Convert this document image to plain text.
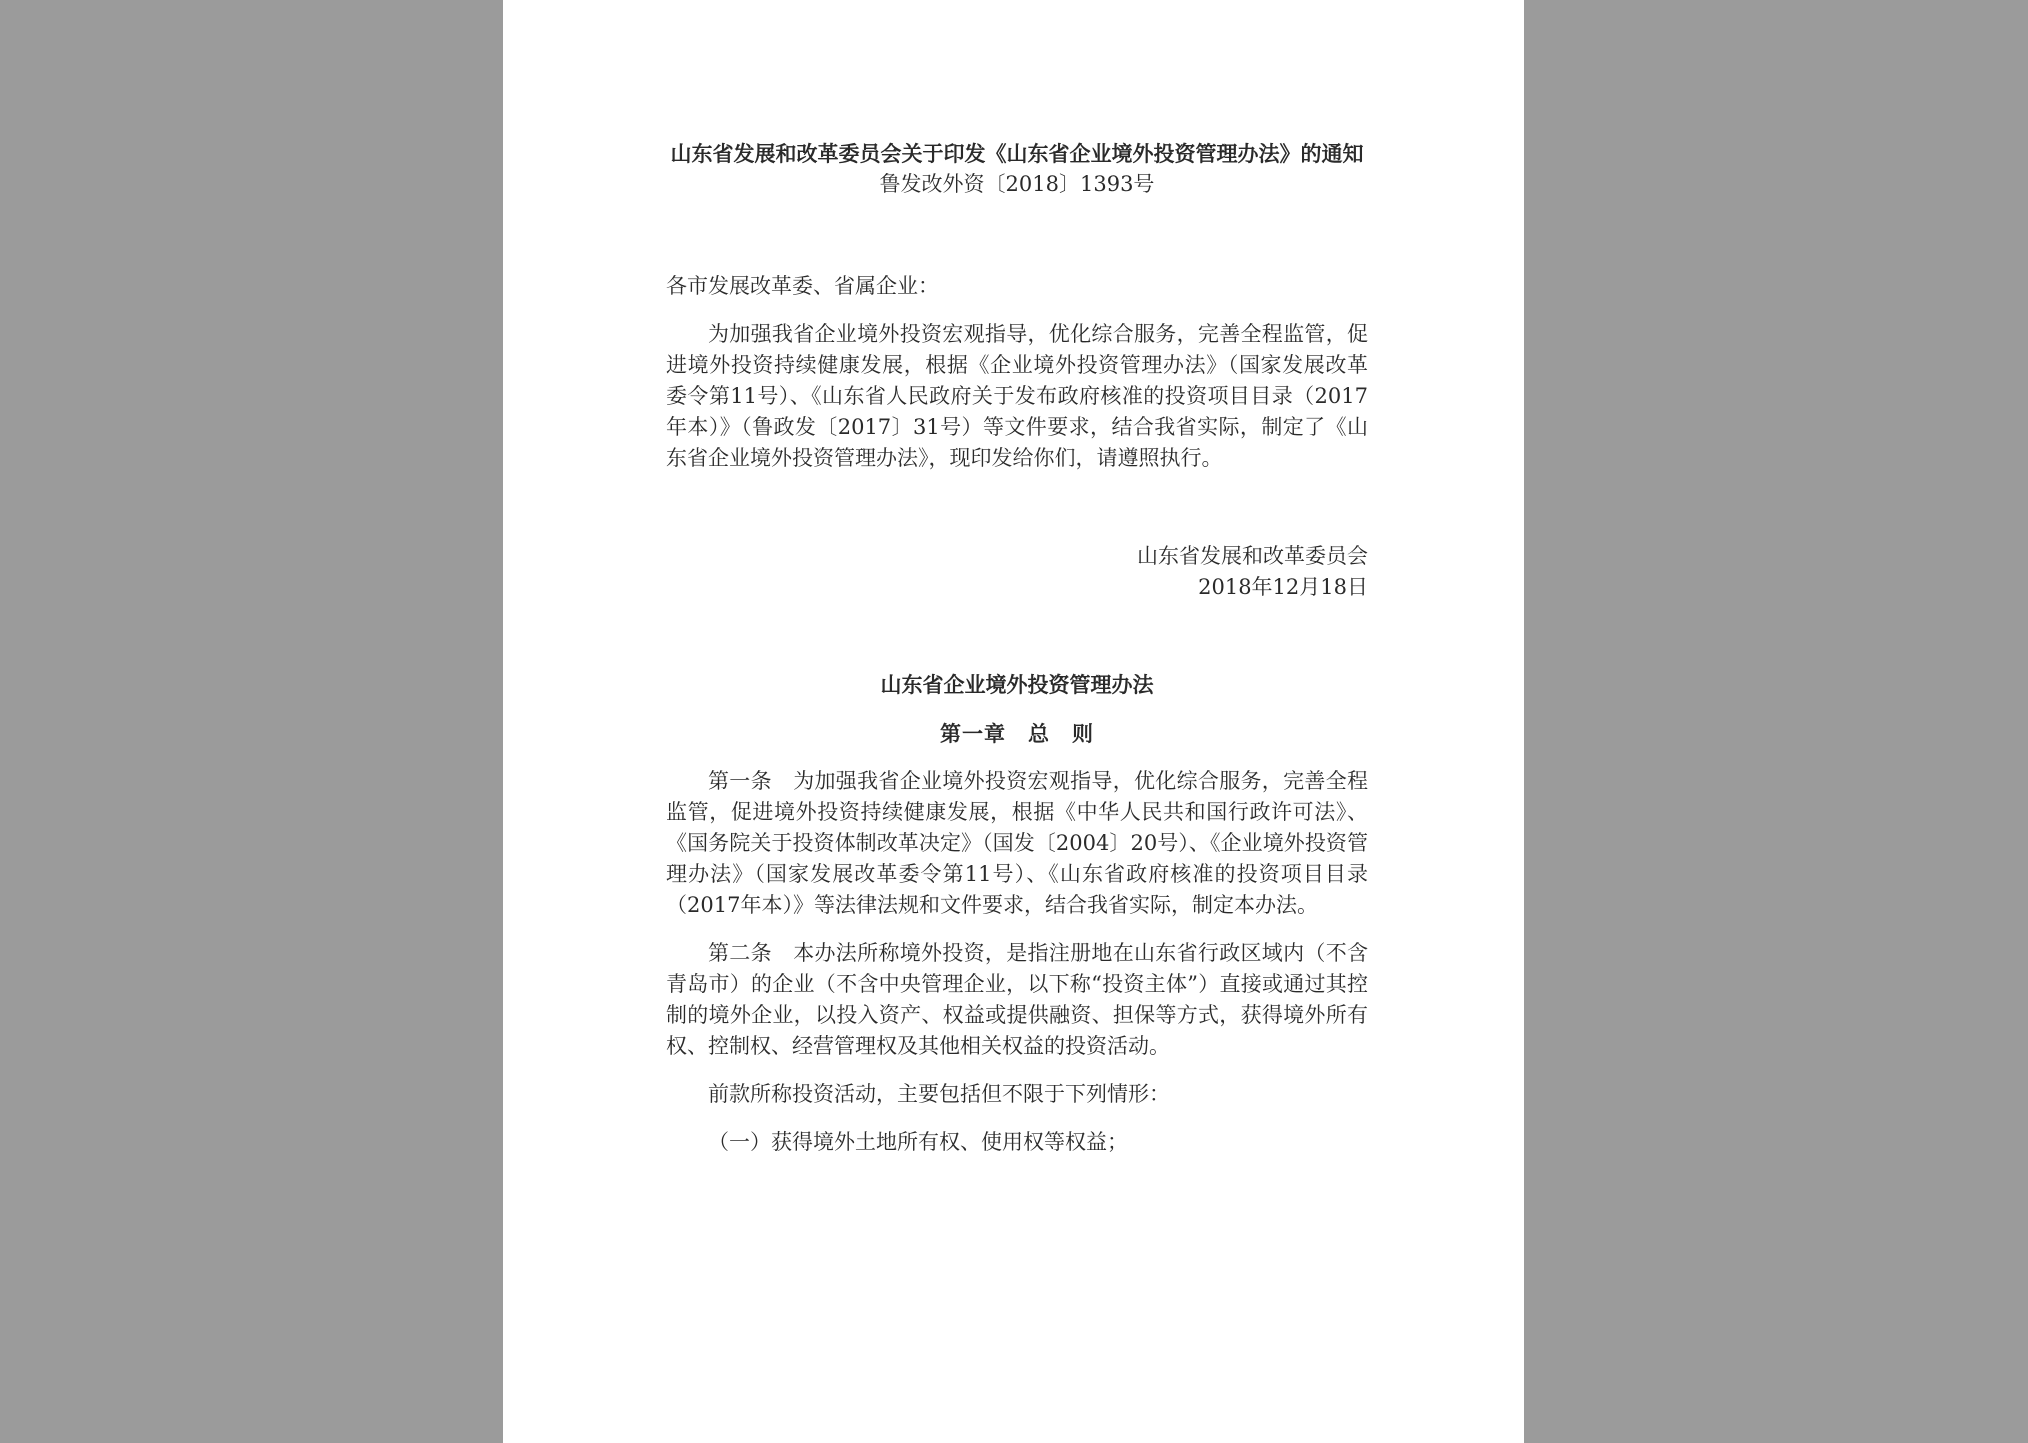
山东省发展和改革委员会关于印发《山东省企业境外投资管理办法》的通知

鲁发改外资〔2018〕1393号

各市发展改革委、省属企业：

为加强我省企业境外投资宏观指导，优化综合服务，完善全程监管，促进境外投资持续健康发展，根据《企业境外投资管理办法》（国家发展改革委令第11号）、《山东省人民政府关于发布政府核准的投资项目目录（2017年本）》（鲁政发〔2017〕31号）等文件要求，结合我省实际，制定了《山东省企业境外投资管理办法》，现印发给你们，请遵照执行。

山东省发展和改革委员会
2018年12月18日
山东省企业境外投资管理办法
第一章　总　则

第一条　为加强我省企业境外投资宏观指导，优化综合服务，完善全程监管，促进境外投资持续健康发展，根据《中华人民共和国行政许可法》、《国务院关于投资体制改革决定》（国发〔2004〕20号）、《企业境外投资管理办法》（国家发展改革委令第11号）、《山东省政府核准的投资项目目录（2017年本）》等法律法规和文件要求，结合我省实际，制定本办法。

第二条　本办法所称境外投资，是指注册地在山东省行政区域内（不含青岛市）的企业（不含中央管理企业，以下称“投资主体”）直接或通过其控制的境外企业，以投入资产、权益或提供融资、担保等方式，获得境外所有权、控制权、经营管理权及其他相关权益的投资活动。

前款所称投资活动，主要包括但不限于下列情形：

（一）获得境外土地所有权、使用权等权益；
